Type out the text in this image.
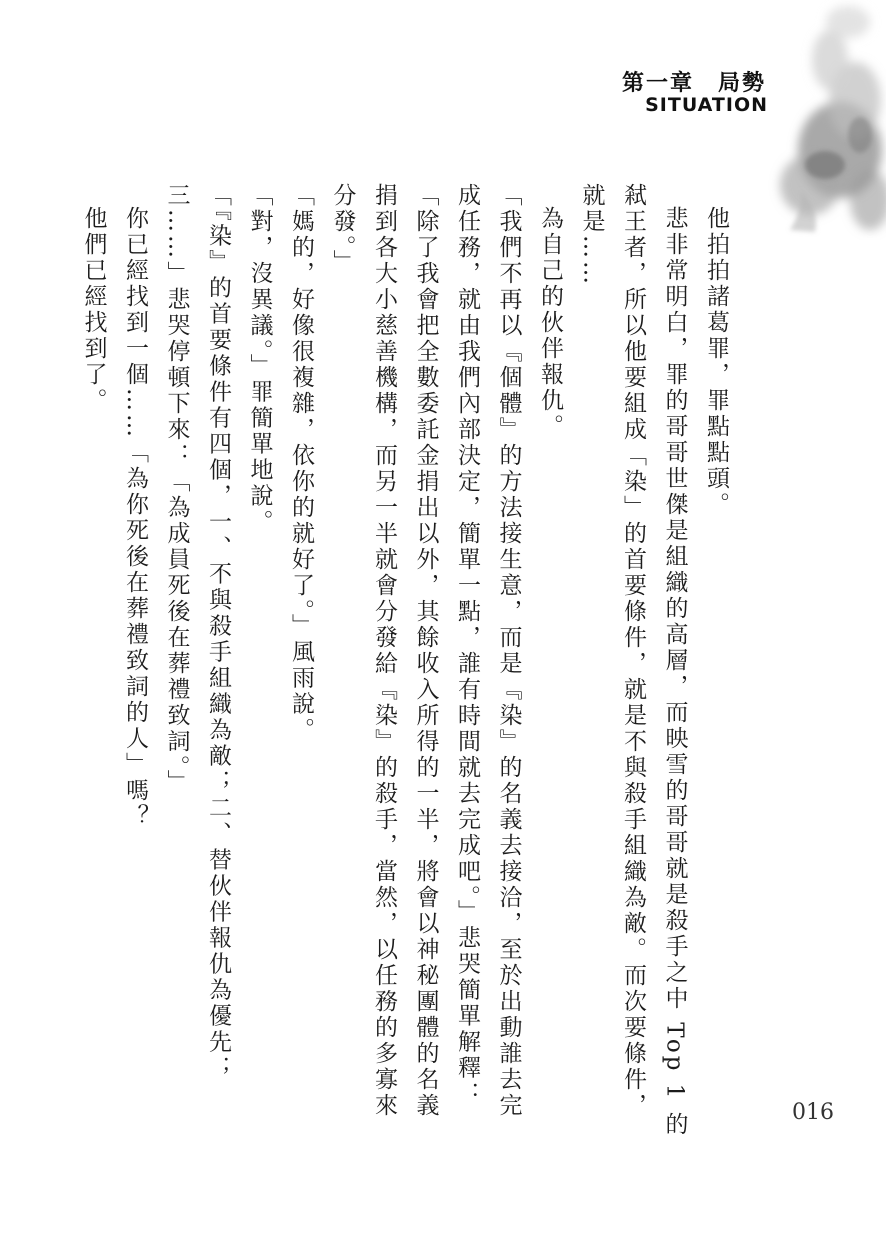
第一章　局勢
SITUATION

他拍拍諸葛罪，罪點點頭。

悲非常明白，罪的哥哥世傑是組織的高層，而映雪的哥哥就是殺手之中 Top 1 的弒王者，所以他要組成「染」的首要條件，就是不與殺手組織為敵。而次要條件，就是……

為自己的伙伴報仇。

「我們不再以『個體』的方法接生意，而是『染』的名義去接洽，至於出動誰去完成任務，就由我們內部決定，簡單一點，誰有時間就去完成吧。」悲哭簡單解釋：「除了我會把全數委託金捐出以外，其餘收入所得的一半，將會以神秘團體的名義捐到各大小慈善機構，而另一半就會分發給『染』的殺手，當然，以任務的多寡來分發。」

「媽的，好像很複雜，依你的就好了。」風雨說。

「對，沒異議。」罪簡單地說。

「『染』的首要條件有四個，一、不與殺手組織為敵；二、替伙伴報仇為優先；三……」悲哭停頓下來：「為成員死後在葬禮致詞。」

你已經找到一個……「為你死後在葬禮致詞的人」嗎？

他們已經找到了。

016
